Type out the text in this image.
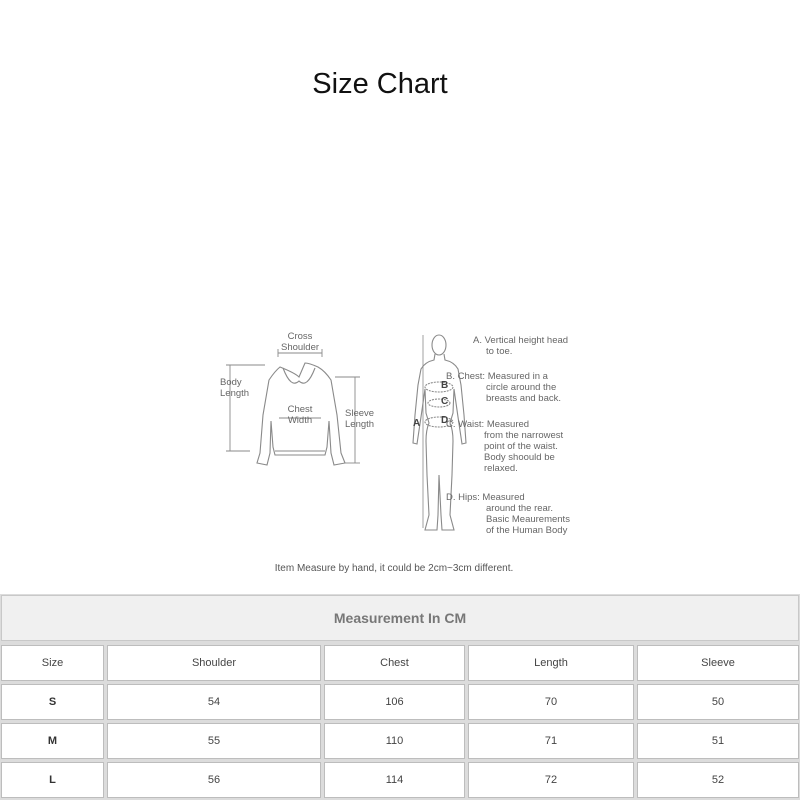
Size Chart
Cross
Shoulder
Body
Length
Chest
Width
Sleeve
Length	A
B
C
D
A. Vertical height head
to toe.
B. Chest: Measured in a
circle around the
breasts and back.
C. Waist: Measured
from the narrowest
point of the waist.
Body shoould be
relaxed.
D. Hips: Measured
around the rear.
Basic Meaurements
of the Human Body
Item Measure by hand, it could be 2cm~3cm different.
Measurement In CM
Size	Shoulder	Chest	Length	Sleeve
S	54	106	70	50
M	55	110	71	51
L	56	114	72	52
